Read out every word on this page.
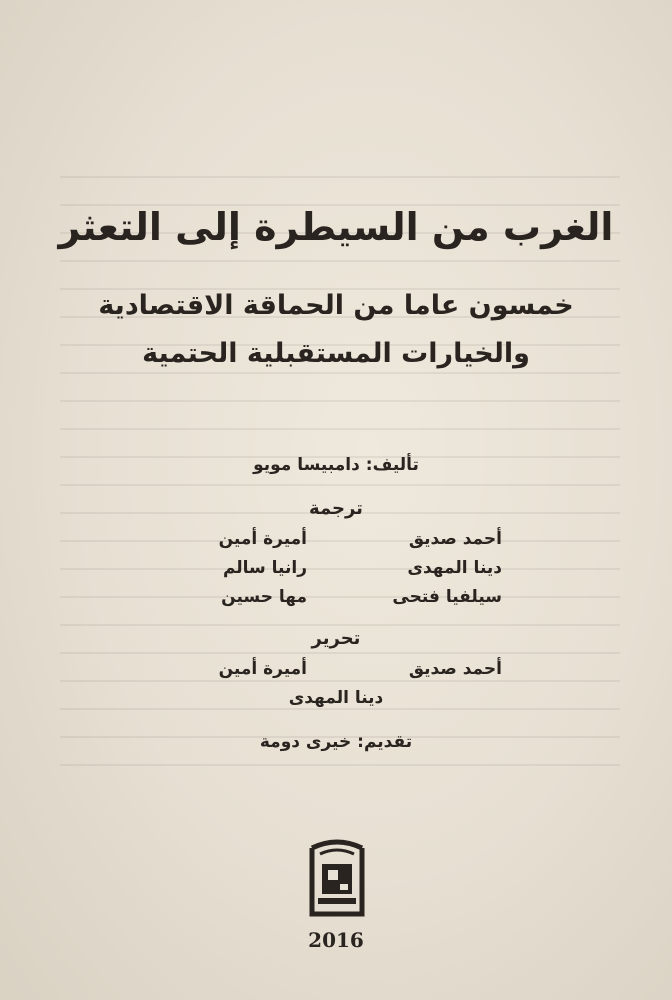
الغرب من السيطرة إلى التعثر
خمسون عاما من الحماقة الاقتصادية
والخيارات المستقبلية الحتمية
تأليف: دامبيسا مويو
ترجمة
أحمد صديق
دينا المهدى
سيلفيا فتحى
أميرة أمين
رانيا سالم
مها حسين
تحرير
أحمد صديق
أميرة أمين
دينا المهدى
تقديم: خيرى دومة
2016
